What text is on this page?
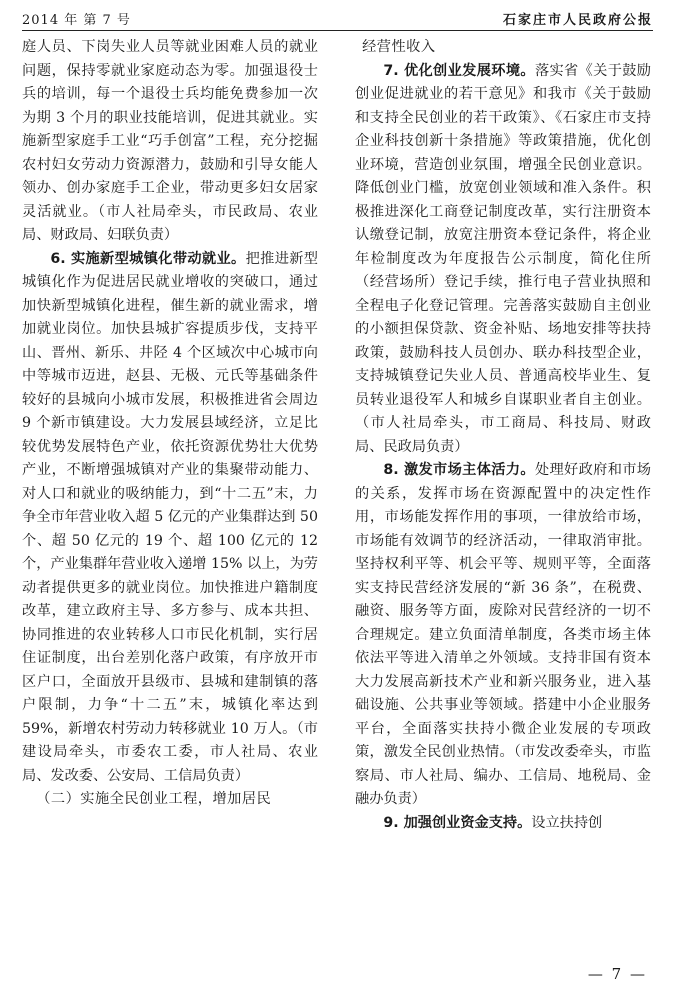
2014 年 第 7 号	石家庄市人民政府公报

庭人员、下岗失业人员等就业困难人员的就业问题，保持零就业家庭动态为零。加强退役士兵的培训，每一个退役士兵均能免费参加一次为期 3 个月的职业技能培训，促进其就业。实施新型家庭手工业“巧手创富”工程，充分挖掘农村妇女劳动力资源潜力，鼓励和引导女能人领办、创办家庭手工企业，带动更多妇女居家灵活就业。（市人社局牵头，市民政局、农业局、财政局、妇联负责）

6. 实施新型城镇化带动就业。把推进新型城镇化作为促进居民就业增收的突破口，通过加快新型城镇化进程，催生新的就业需求，增加就业岗位。加快县城扩容提质步伐，支持平山、晋州、新乐、井陉 4 个区域次中心城市向中等城市迈进，赵县、无极、元氏等基础条件较好的县城向小城市发展，积极推进省会周边 9 个新市镇建设。大力发展县域经济，立足比较优势发展特色产业，依托资源优势壮大优势产业，不断增强城镇对产业的集聚带动能力、对人口和就业的吸纳能力，到“十二五”末，力争全市年营业收入超 5 亿元的产业集群达到 50 个、超 50 亿元的 19 个、超 100 亿元的 12 个，产业集群年营业收入递增 15% 以上，为劳动者提供更多的就业岗位。加快推进户籍制度改革，建立政府主导、多方参与、成本共担、协同推进的农业转移人口市民化机制，实行居住证制度，出台差别化落户政策，有序放开市区户口，全面放开县级市、县城和建制镇的落户限制，力争“十二五”末，城镇化率达到 59%，新增农村劳动力转移就业 10 万人。（市建设局牵头，市委农工委，市人社局、农业局、发改委、公安局、工信局负责）

（二）实施全民创业工程，增加居民

经营性收入

7. 优化创业发展环境。落实省《关于鼓励创业促进就业的若干意见》和我市《关于鼓励和支持全民创业的若干政策》、《石家庄市支持企业科技创新十条措施》等政策措施，优化创业环境，营造创业氛围，增强全民创业意识。降低创业门槛，放宽创业领域和准入条件。积极推进深化工商登记制度改革，实行注册资本认缴登记制，放宽注册资本登记条件，将企业年检制度改为年度报告公示制度，简化住所（经营场所）登记手续，推行电子营业执照和全程电子化登记管理。完善落实鼓励自主创业的小额担保贷款、资金补贴、场地安排等扶持政策，鼓励科技人员创办、联办科技型企业，支持城镇登记失业人员、普通高校毕业生、复员转业退役军人和城乡自谋职业者自主创业。（市人社局牵头，市工商局、科技局、财政局、民政局负责）

8. 激发市场主体活力。处理好政府和市场的关系，发挥市场在资源配置中的决定性作用，市场能发挥作用的事项，一律放给市场，市场能有效调节的经济活动，一律取消审批。坚持权利平等、机会平等、规则平等，全面落实支持民营经济发展的“新 36 条”，在税费、融资、服务等方面，废除对民营经济的一切不合理规定。建立负面清单制度，各类市场主体依法平等进入清单之外领域。支持非国有资本大力发展高新技术产业和新兴服务业，进入基础设施、公共事业等领域。搭建中小企业服务平台，全面落实扶持小微企业发展的专项政策，激发全民创业热情。（市发改委牵头，市监察局、市人社局、编办、工信局、地税局、金融办负责）

9. 加强创业资金支持。设立扶持创

— 7 —
